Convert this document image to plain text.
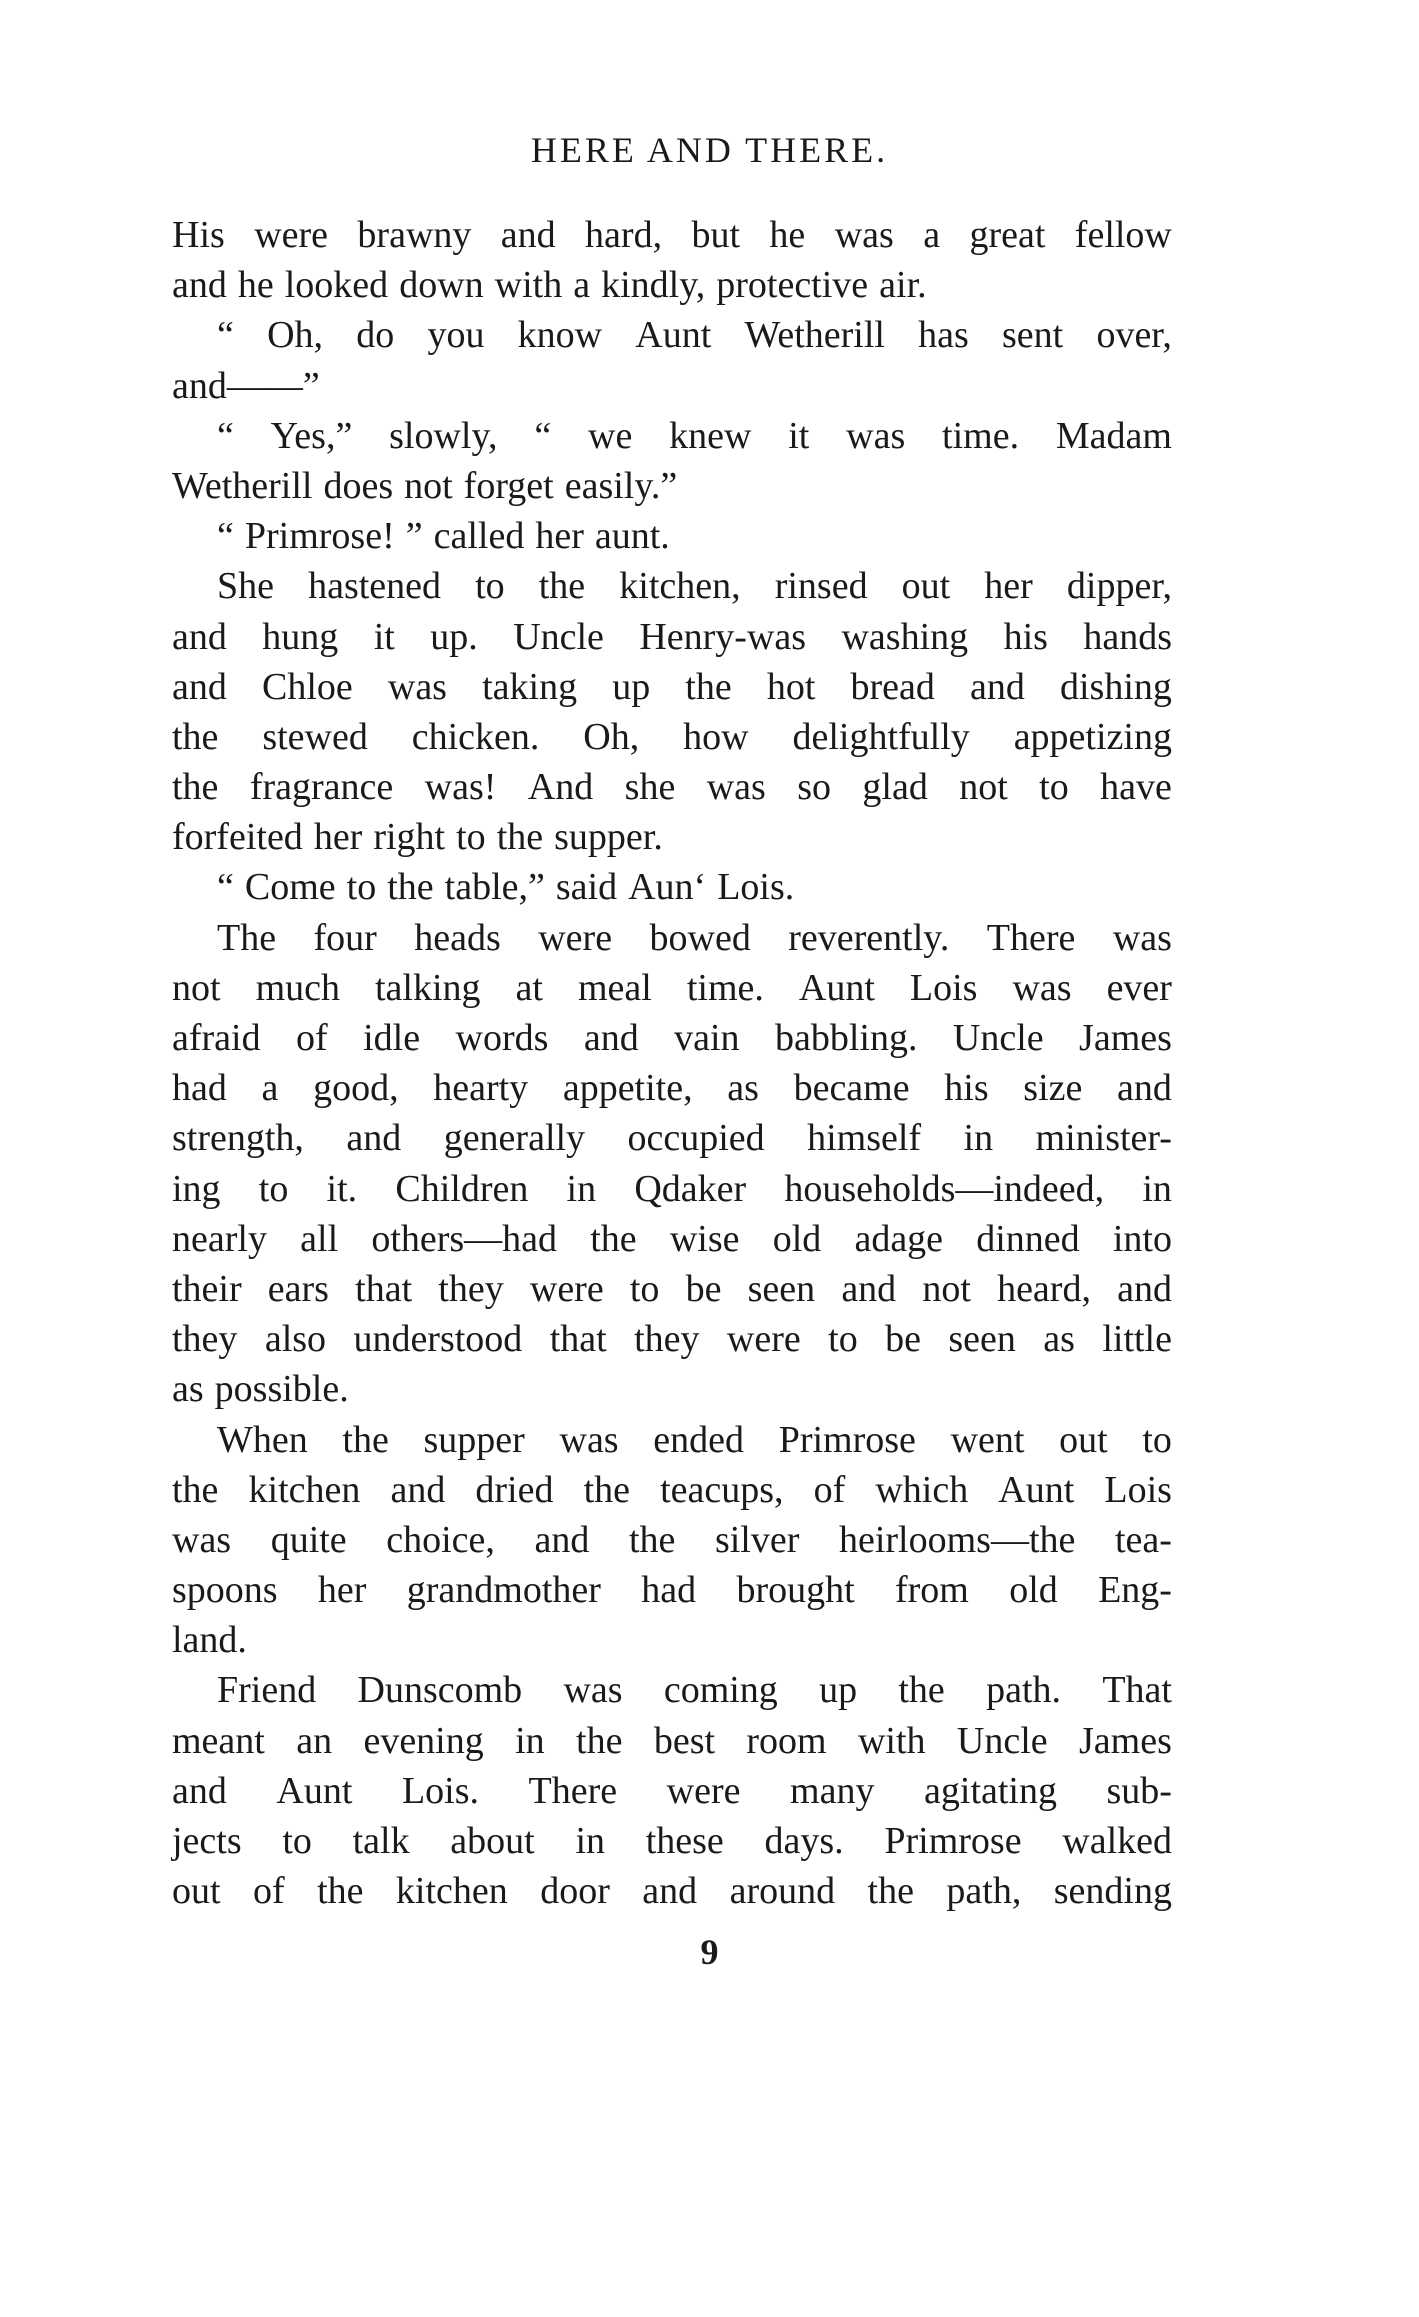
HERE AND THERE.
His were brawny and hard, but he was a great fellow
and he looked down with a kindly, protective air.
“ Oh, do you know Aunt Wetherill has sent over,
and——”
“ Yes,” slowly, “ we knew it was time. Madam
Wetherill does not forget easily.”
“ Primrose! ” called her aunt.
She hastened to the kitchen, rinsed out her dipper,
and hung it up. Uncle Henry‐was washing his hands
and Chloe was taking up the hot bread and dishing
the stewed chicken. Oh, how delightfully appetizing
the fragrance was! And she was so glad not to have
forfeited her right to the supper.
“ Come to the table,” said Aun‘ Lois.
The four heads were bowed reverently. There was
not much talking at meal time. Aunt Lois was ever
afraid of idle words and vain babbling. Uncle James
had a good, hearty appetite, as became his size and
strength, and generally occupied himself in minister-
ing to it. Children in Qdaker households—indeed, in
nearly all others—had the wise old adage dinned into
their ears that they were to be seen and not heard, and
they also understood that they were to be seen as little
as possible.
When the supper was ended Primrose went out to
the kitchen and dried the teacups, of which Aunt Lois
was quite choice, and the silver heirlooms—the tea-
spoons her grandmother had brought from old Eng-
land.
Friend Dunscomb was coming up the path. That
meant an evening in the best room with Uncle James
and Aunt Lois. There were many agitating sub-
jects to talk about in these days. Primrose walked
out of the kitchen door and around the path, sending
9
